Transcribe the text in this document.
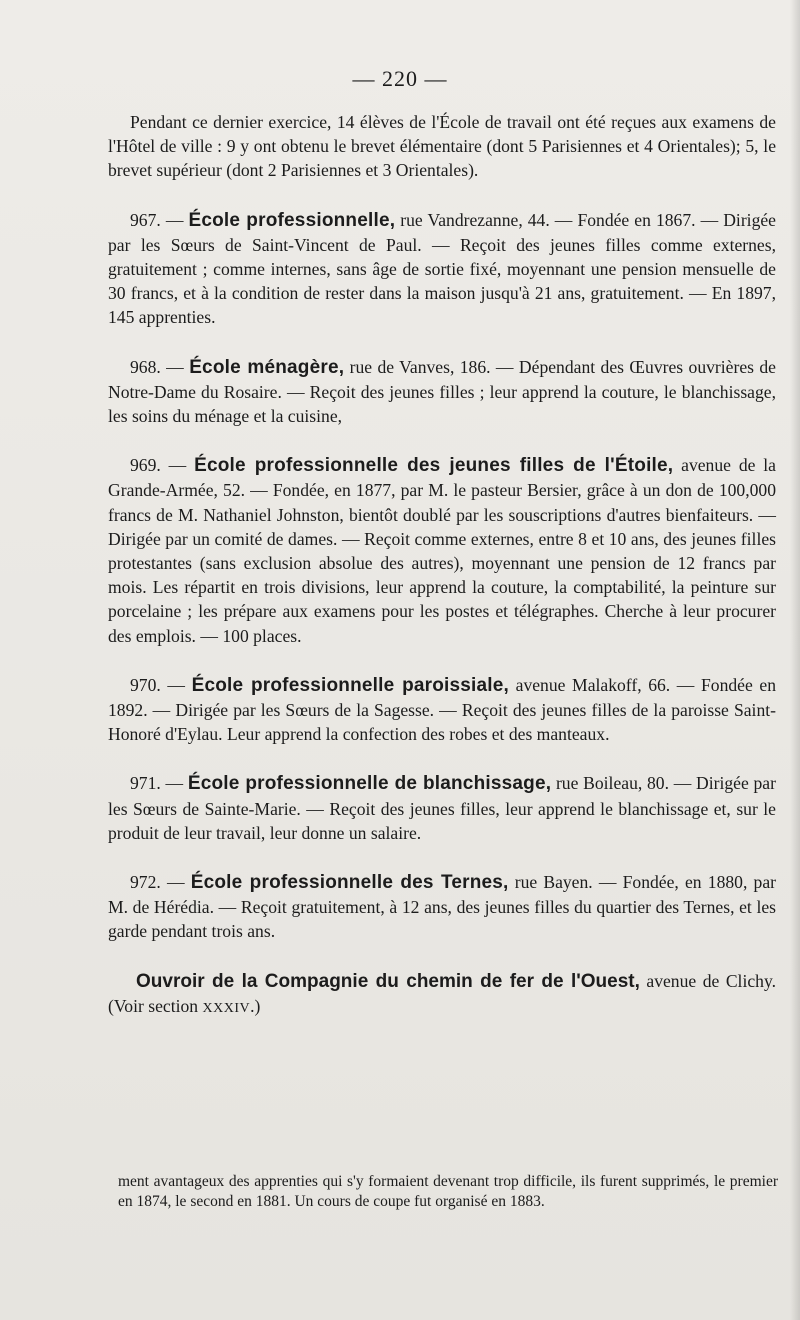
— 220 —

Pendant ce dernier exercice, 14 élèves de l'École de travail ont été reçues aux examens de l'Hôtel de ville : 9 y ont obtenu le brevet élémentaire (dont 5 Parisiennes et 4 Orientales); 5, le brevet supérieur (dont 2 Parisiennes et 3 Orientales).

967. — École professionnelle, rue Vandrezanne, 44. — Fondée en 1867. — Dirigée par les Sœurs de Saint-Vincent de Paul. — Reçoit des jeunes filles comme externes, gratuitement ; comme internes, sans âge de sortie fixé, moyennant une pension mensuelle de 30 francs, et à la condition de rester dans la maison jusqu'à 21 ans, gratuitement. — En 1897, 145 apprenties.

968. — École ménagère, rue de Vanves, 186. — Dépendant des Œuvres ouvrières de Notre-Dame du Rosaire. — Reçoit des jeunes filles ; leur apprend la couture, le blanchissage, les soins du ménage et la cuisine,

969. — École professionnelle des jeunes filles de l'Étoile, avenue de la Grande-Armée, 52. — Fondée, en 1877, par M. le pasteur Bersier, grâce à un don de 100,000 francs de M. Nathaniel Johnston, bientôt doublé par les souscriptions d'autres bienfaiteurs. — Dirigée par un comité de dames. — Reçoit comme externes, entre 8 et 10 ans, des jeunes filles protestantes (sans exclusion absolue des autres), moyennant une pension de 12 francs par mois. Les répartit en trois divisions, leur apprend la couture, la comptabilité, la peinture sur porcelaine ; les prépare aux examens pour les postes et télégraphes. Cherche à leur procurer des emplois. — 100 places.

970. — École professionnelle paroissiale, avenue Malakoff, 66. — Fondée en 1892. — Dirigée par les Sœurs de la Sagesse. — Reçoit des jeunes filles de la paroisse Saint-Honoré d'Eylau. Leur apprend la confection des robes et des manteaux.

971. — École professionnelle de blanchissage, rue Boileau, 80. — Dirigée par les Sœurs de Sainte-Marie. — Reçoit des jeunes filles, leur apprend le blanchissage et, sur le produit de leur travail, leur donne un salaire.

972. — École professionnelle des Ternes, rue Bayen. — Fondée, en 1880, par M. de Hérédia. — Reçoit gratuitement, à 12 ans, des jeunes filles du quartier des Ternes, et les garde pendant trois ans.

Ouvroir de la Compagnie du chemin de fer de l'Ouest, avenue de Clichy. (Voir section XXXIV.)

ment avantageux des apprenties qui s'y formaient devenant trop difficile, ils furent supprimés, le premier en 1874, le second en 1881. Un cours de coupe fut organisé en 1883.
